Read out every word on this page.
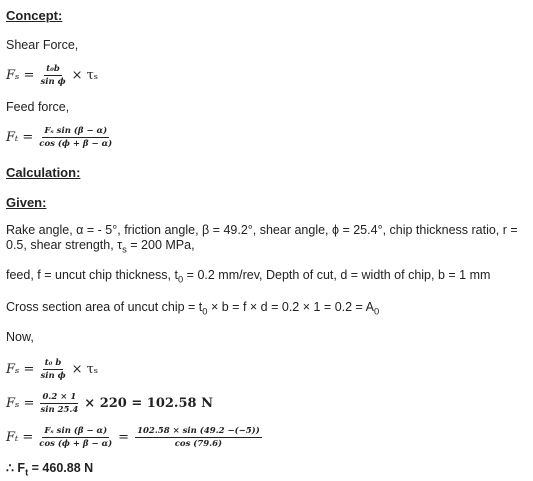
Concept:
Shear Force,
$F_s = \frac{\text{t₀b}}{\text{sin ϕ}} \times \tau_s$
Feed force,
$F_t = \frac{\text{Fₛ sin (β − α)}}{\cos (\phi + \beta - \alpha)}$
Calculation:
Given:
Rake angle, α = - 5°, friction angle, β = 49.2°, shear angle, ϕ = 25.4°, chip thickness ratio, r =
0.5, shear strength, $\tau_s = 200$ MPa,
feed, f = uncut chip thickness, $t_0 = 0.2$ mm/rev, Depth of cut, d = width of chip, b = 1 mm
Cross section area of uncut chip = $t_0 \times b = f \times d = 0.2 \times 1 = 0.2 = A_0$
Now,
$F_s = \frac{\text{t₀ b}}{\text{sin ϕ}} \times \tau_s$
$F_s = \frac{0.2 \times 1}{\sin 25.4} \times 220 = 102.58$ N
$F_t = \frac{\text{Fₛ sin (β − α)}}{\cos (\phi + \beta - \alpha)} = \frac{102.58 \times \sin (49.2 -(-5))}{\cos (79.6)}$
∴ $F_t = 460.88$ N
